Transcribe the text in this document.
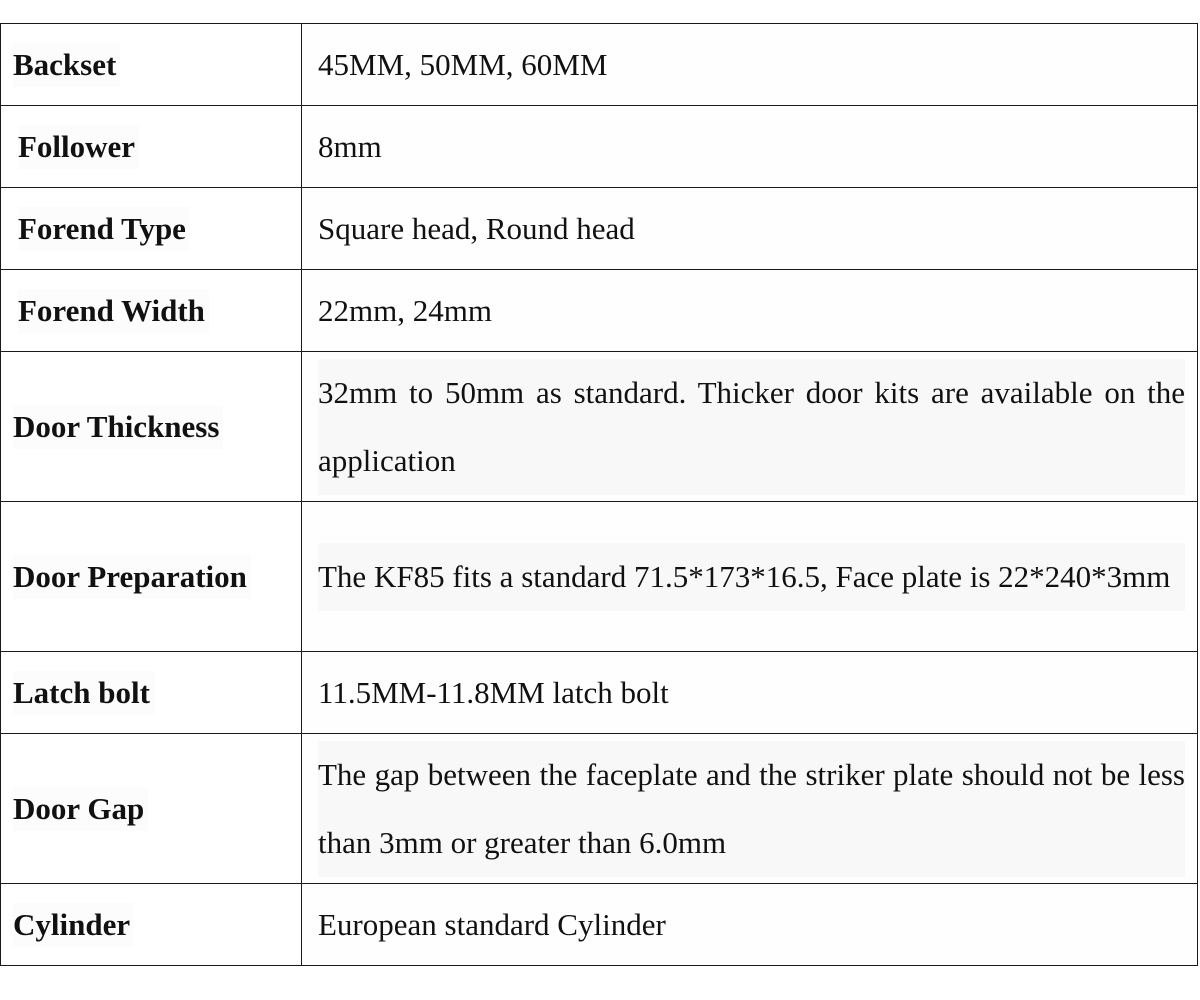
Backset	45MM, 50MM, 60MM

Follower	8mm

Forend Type	Square head, Round head

Forend Width	22mm, 24mm

Door Thickness	32mm to 50mm as standard. Thicker door kits are available on the application

Door Preparation	The KF85 fits a standard 71.5*173*16.5, Face plate is 22*240*3mm

Latch bolt	11.5MM-11.8MM latch bolt

Door Gap	The gap between the faceplate and the striker plate should not be less than 3mm or greater than 6.0mm

Cylinder	European standard Cylinder
